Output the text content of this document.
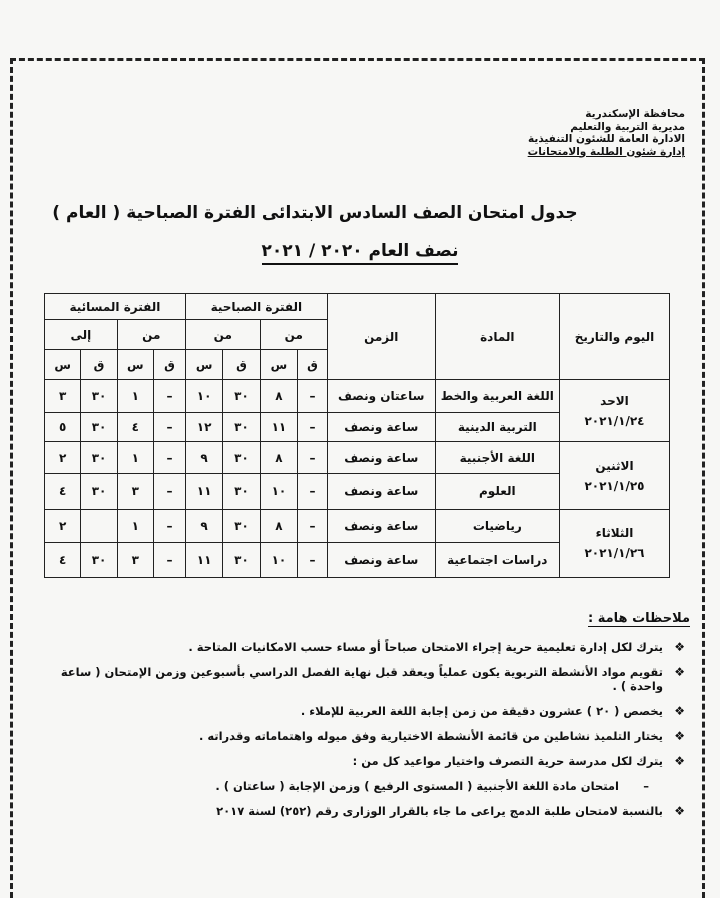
محافظة الإسكندرية
مديرية التربية والتعليم
الادارة العامة للشئون التنفيذية
إدارة شئون الطلبة والامتحانات
جدول امتحان الصف السادس الابتدائى الفترة الصباحية ( العام )
نصف العام ٢٠٢٠ / ٢٠٢١
اليوم والتاريخ	المادة	الزمن	الفترة الصباحية				الفترة المسائية			
			من		من		من		إلى	
			ق	س	ق	س	ق	س	ق	س

الاحد
٢٠٢١/١/٢٤	اللغة العربية والخط	ساعتان ونصف	–	٨	٣٠	١٠	–	١	٣٠	٣
	التربية الدينية	ساعة ونصف	–	١١	٣٠	١٢	–	٤	٣٠	٥

الاثنين
٢٠٢١/١/٢٥	اللغة الأجنبية	ساعة ونصف	–	٨	٣٠	٩	–	١	٣٠	٢
	العلوم	ساعة ونصف	–	١٠	٣٠	١١	–	٣	٣٠	٤

الثلاثاء
٢٠٢١/١/٢٦	رياضيات	ساعة ونصف	–	٨	٣٠	٩	–	١		٢
	دراسات اجتماعية	ساعة ونصف	–	١٠	٣٠	١١	–	٣	٣٠	٤
ملاحظات هامة :
❖
يترك لكل إدارة تعليمية حرية إجراء الامتحان صباحاً أو مساء حسب الامكانيات المتاحة .
❖
تقويم مواد الأنشطة التربوية يكون عملياً ويعقد قبل نهاية الفصل الدراسي بأسبوعين وزمن الإمتحان ( ساعة واحدة ) .
❖
يخصص ( ٢٠ ) عشرون دقيقة من زمن إجابة اللغة العربية للإملاء .
❖
يختار التلميذ نشاطين من قائمة الأنشطة الاختيارية وفق ميوله واهتماماته وقدراته .
❖
يترك لكل مدرسة حرية التصرف واختيار مواعيد كل من :
– امتحان مادة اللغة الأجنبية ( المستوى الرفيع ) وزمن الإجابة ( ساعتان ) .
❖
بالنسبة لامتحان طلبة الدمج يراعى ما جاء بالقرار الوزارى رقم (٢٥٢) لسنة ٢٠١٧
